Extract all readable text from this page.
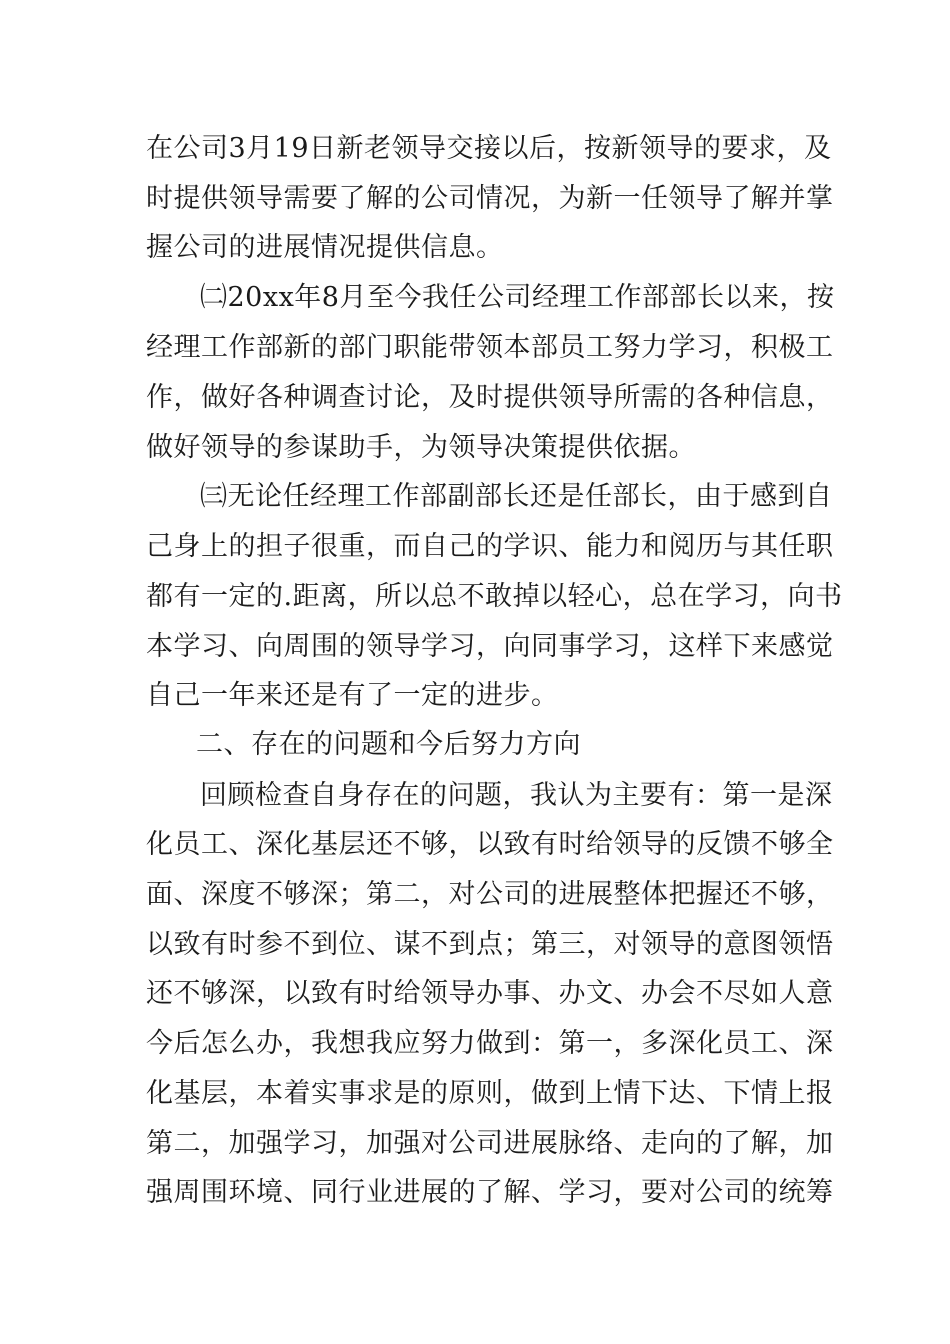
在公司3月19日新老领导交接以后，按新领导的要求，及

时提供领导需要了解的公司情况，为新一任领导了解并掌

握公司的进展情况提供信息。

㈡20xx年8月至今我任公司经理工作部部长以来，按

经理工作部新的部门职能带领本部员工努力学习，积极工

作，做好各种调查讨论，及时提供领导所需的各种信息，

做好领导的参谋助手，为领导决策提供依据。

㈢无论任经理工作部副部长还是任部长，由于感到自

己身上的担子很重，而自己的学识、能力和阅历与其任职

都有一定的.距离，所以总不敢掉以轻心，总在学习，向书

本学习、向周围的领导学习，向同事学习，这样下来感觉

自己一年来还是有了一定的进步。

二、存在的问题和今后努力方向

回顾检查自身存在的问题，我认为主要有：第一是深

化员工、深化基层还不够，以致有时给领导的反馈不够全

面、深度不够深；第二，对公司的进展整体把握还不够，

以致有时参不到位、谋不到点；第三，对领导的意图领悟

还不够深，以致有时给领导办事、办文、办会不尽如人意

今后怎么办，我想我应努力做到：第一，多深化员工、深

化基层，本着实事求是的原则，做到上情下达、下情上报

第二，加强学习，加强对公司进展脉络、走向的了解，加

强周围环境、同行业进展的了解、学习，要对公司的统筹
